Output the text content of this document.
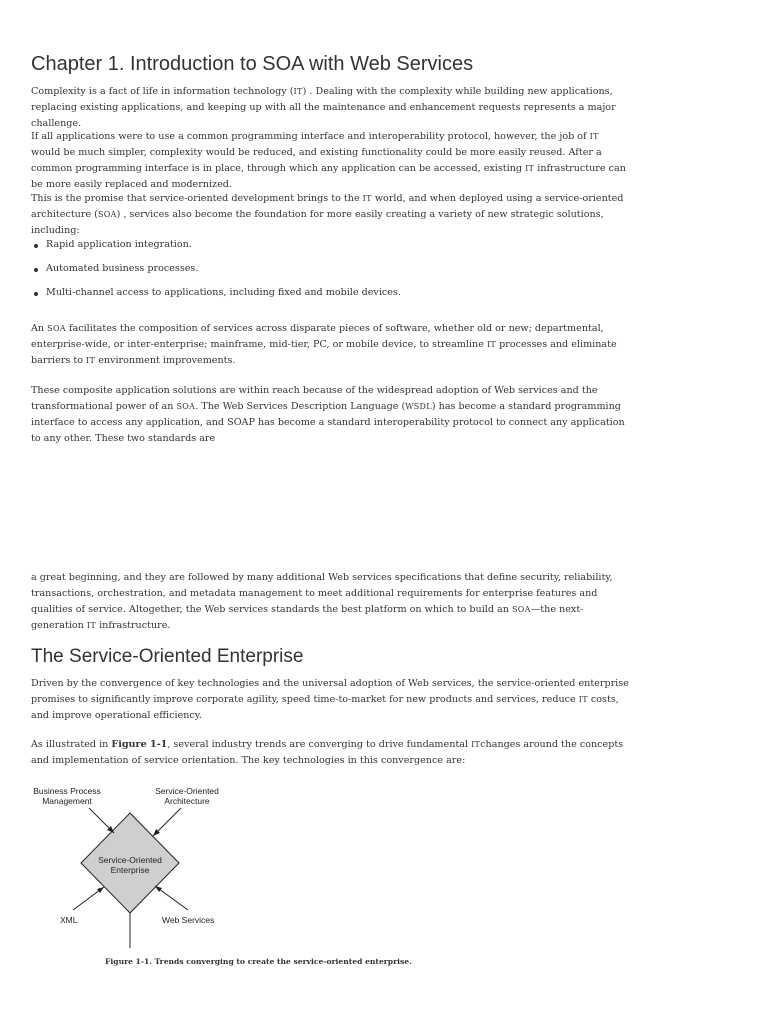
Chapter 1. Introduction to SOA with Web Services

Complexity is a fact of life in information technology (IT) . Dealing with the complexity while building new applications, replacing existing applications, and keeping up with all the maintenance and enhancement requests represents a major challenge.

If all applications were to use a common programming interface and interoperability protocol, however, the job of IT would be much simpler, complexity would be reduced, and existing functionality could be more easily reused. After a common programming interface is in place, through which any application can be accessed, existing IT infrastructure can be more easily replaced and modernized.

This is the promise that service-oriented development brings to the IT world, and when deployed using a service-oriented architecture (SOA) , services also become the foundation for more easily creating a variety of new strategic solutions, including:

Rapid application integration.
Automated business processes.
Multi-channel access to applications, including fixed and mobile devices.

An SOA facilitates the composition of services across disparate pieces of software, whether old or new; departmental, enterprise-wide, or inter-enterprise; mainframe, mid-tier, PC, or mobile device, to streamline IT processes and eliminate barriers to IT environment improvements.

These composite application solutions are within reach because of the widespread adoption of Web services and the transformational power of an SOA. The Web Services Description Language (WSDL) has become a standard programming interface to access any application, and SOAP has become a standard interoperability protocol to connect any application to any other. These two standards are

a great beginning, and they are followed by many additional Web services specifications that define security, reliability, transactions, orchestration, and metadata management to meet additional requirements for enterprise features and qualities of service. Altogether, the Web services standards the best platform on which to build an SOA—the next-generation IT infrastructure.

The Service-Oriented Enterprise

Driven by the convergence of key technologies and the universal adoption of Web services, the service-oriented enterprise promises to significantly improve corporate agility, speed time-to-market for new products and services, reduce IT costs, and improve operational efficiency.

As illustrated in Figure 1-1, several industry trends are converging to drive fundamental ITchanges around the concepts and implementation of service orientation. The key technologies in this convergence are:

Business Process
Management
Service-Oriented
Architecture
Service-Oriented
Enterprise
XML	Web Services
Figure 1-1. Trends converging to create the service-oriented enterprise.
